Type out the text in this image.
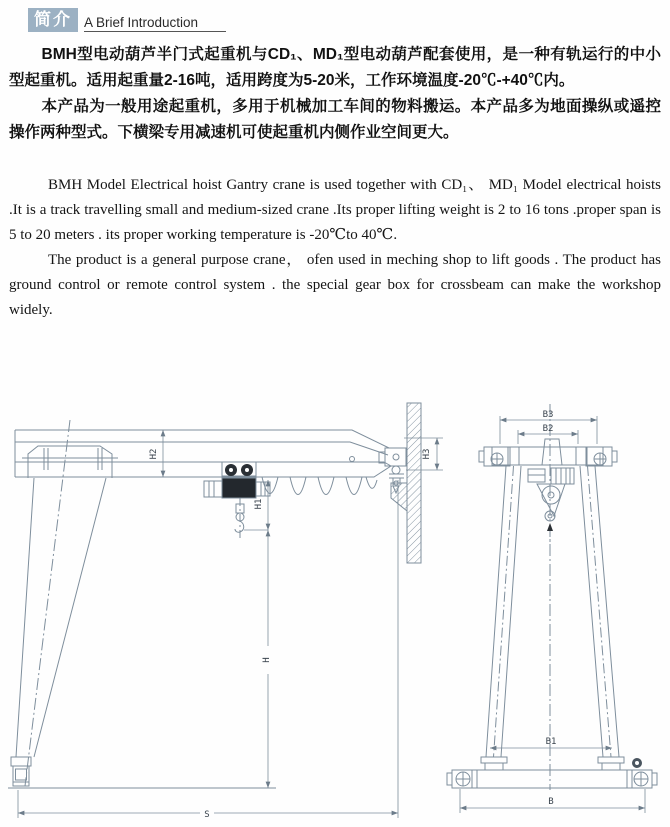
简介 A Brief Introduction

BMH型电动葫芦半门式起重机与CD₁、MD₁型电动葫芦配套使用，是一种有轨运行的中小型起重机。适用起重量2-16吨，适用跨度为5-20米，工作环境温度-20℃-+40℃内。

本产品为一般用途起重机，多用于机械加工车间的物料搬运。本产品多为地面操纵或遥控操作两种型式。下横梁专用减速机可使起重机内侧作业空间更大。

BMH Model Electrical hoist Gantry crane is used together with CD₁、 MD₁ Model electrical hoists .It is a track travelling small and medium-sized crane .Its proper lifting weight is 2 to 16 tons .proper span is 5 to 20 meters . its proper working temperature is -20℃to 40℃.

The product is a general purpose crane， ofen used in meching shop to lift goods . The product has ground control or remote control system . the special gear box for crossbeam can make the workshop widely.

H2	H3
H1
H
S
B3
B2
B1
B
